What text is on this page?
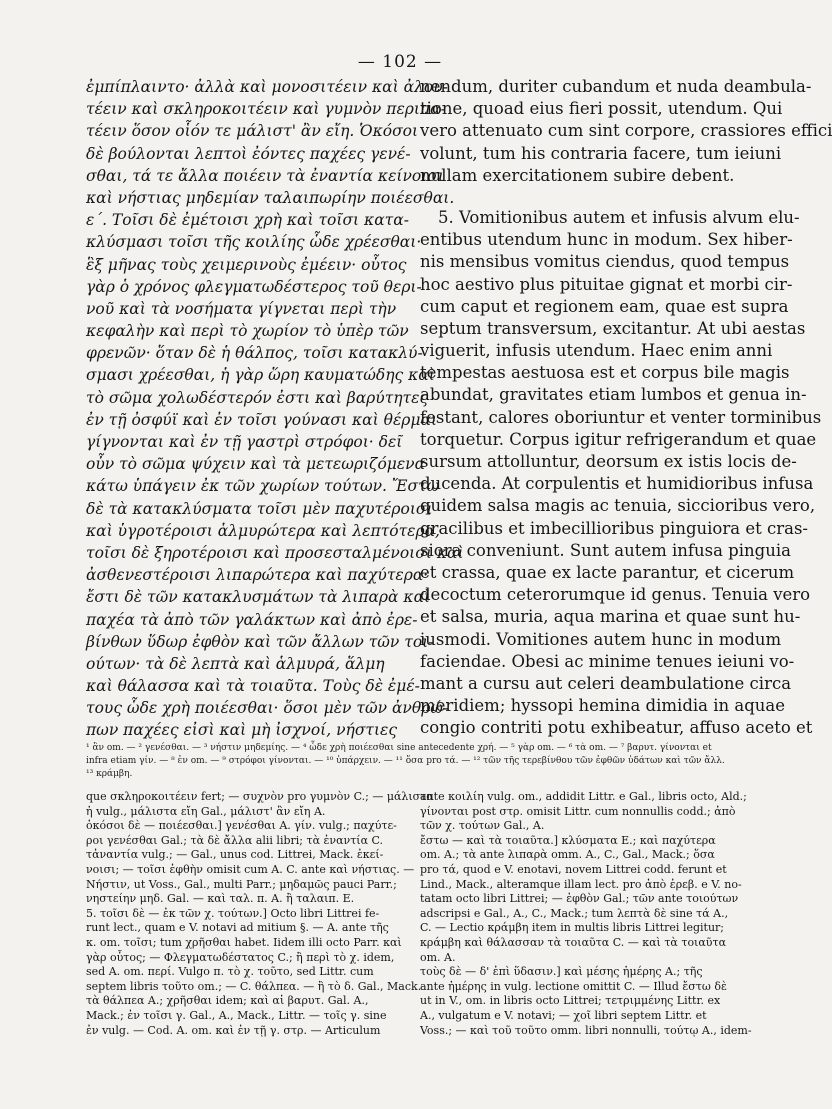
— 102 —
ἐμπίπλαιντο· ἀλλὰ καὶ μονοσιτέειν καὶ ἀλου-
τέειν καὶ σκληροκοιτέειν καὶ γυμνὸν περιπα-
τέειν ὅσον οἷόν τε μάλιστ' ἂν εἴη. Ὁκόσοι
δὲ βούλονται λεπτοὶ ἐόντες παχέες γενέ-
σθαι, τά τε ἄλλα ποιέειν τὰ ἐναντία κείνοισι
καὶ νήστιας μηδεμίαν ταλαιπωρίην ποιέεσθαι.
ε΄. Τοῖσι δὲ ἐμέτοισι χρὴ καὶ τοῖσι κατα-
κλύσμασι τοῖσι τῆς κοιλίης ὧδε χρέεσθαι·
ἓξ μῆνας τοὺς χειμερινοὺς ἐμέειν· οὗτος
γὰρ ὁ χρόνος φλεγματωδέστερος τοῦ θερι-
νοῦ καὶ τὰ νοσήματα γίγνεται περὶ τὴν
κεφαλὴν καὶ περὶ τὸ χωρίον τὸ ὑπὲρ τῶν
φρενῶν· ὅταν δὲ ἡ θάλπος, τοῖσι κατακλύ-
σμασι χρέεσθαι, ἡ γὰρ ὥρη καυματώδης καὶ
τὸ σῶμα χολωδέστερόν ἐστι καὶ βαρύτητες
ἐν τῇ ὀσφύϊ καὶ ἐν τοῖσι γούνασι καὶ θέρμαι
γίγνονται καὶ ἐν τῇ γαστρὶ στρόφοι· δεῖ
οὖν τὸ σῶμα ψύχειν καὶ τὰ μετεωριζόμενα
κάτω ὑπάγειν ἐκ τῶν χωρίων τούτων. Ἔστω
δὲ τὰ κατακλύσματα τοῖσι μὲν παχυτέροισι
καὶ ὑγροτέροισι ἁλμυρώτερα καὶ λεπτότερα,
τοῖσι δὲ ξηροτέροισι καὶ προσεσταλμένοισι καὶ
ἀσθενεστέροισι λιπαρώτερα καὶ παχύτερα·
ἔστι δὲ τῶν κατακλυσμάτων τὰ λιπαρὰ καὶ
παχέα τὰ ἀπὸ τῶν γαλάκτων καὶ ἀπὸ ἐρε-
βίνθων ὕδωρ ἐφθὸν καὶ τῶν ἄλλων τῶν τοι-
ούτων· τὰ δὲ λεπτὰ καὶ ἁλμυρά, ἅλμη
καὶ θάλασσα καὶ τὰ τοιαῦτα. Τοὺς δὲ ἐμέ-
τους ὧδε χρὴ ποιέεσθαι· ὅσοι μὲν τῶν ἀνθρώ-
πων παχέες εἰσὶ καὶ μὴ ἰσχνοί, νήστιες
nendum, duriter cubandum et nuda deambula-
tione, quoad eius fieri possit, utendum. Qui
vero attenuato cum sint corpore, crassiores effici
volunt, tum his contraria facere, tum ieiuni
nullam exercitationem subire debent.
5. Vomitionibus autem et infusis alvum elu-
entibus utendum hunc in modum. Sex hiber-
nis mensibus vomitus ciendus, quod tempus
hoc aestivo plus pituitae gignat et morbi cir-
cum caput et regionem eam, quae est supra
septum transversum, excitantur. At ubi aestas
viguerit, infusis utendum. Haec enim anni
tempestas aestuosa est et corpus bile magis
abundat, gravitates etiam lumbos et genua in-
festant, calores oboriuntur et venter torminibus
torquetur. Corpus igitur refrigerandum et quae
sursum attolluntur, deorsum ex istis locis de-
ducenda. At corpulentis et humidioribus infusa
quidem salsa magis ac tenuia, siccioribus vero,
gracilibus et imbecillioribus pinguiora et cras-
siora conveniunt. Sunt autem infusa pinguia
et crassa, quae ex lacte parantur, et cicerum
decoctum ceterorumque id genus. Tenuia vero
et salsa, muria, aqua marina et quae sunt hu-
iusmodi. Vomitiones autem hunc in modum
faciendae. Obesi ac minime tenues ieiuni vo-
mant a cursu aut celeri deambulatione circa
meridiem; hyssopi hemina dimidia in aquae
congio contriti potu exhibeatur, affuso aceto et
¹ ἂν om. — ² γενέσθαι. — ³ νήστιν μηδεμίης. — ⁴ ὧδε χρὴ ποιέεσθαι sine antecedente χρή. — ⁵ γὰρ om. — ⁶ τὰ om. — ⁷ βαρυτ. γίνονται et
infra etiam γίν. — ⁸ ἐν om. — ⁹ στρόφοι γίνονται. — ¹⁰ ὑπάρχειν. — ¹¹ ὅσα pro τά. — ¹² τῶν τῆς τερεβίνθου τῶν ἐφθῶν ὑδάτων καὶ τῶν ἄλλ.
¹³ κράμβη.
que σκληροκοιτέειν fert; — συχνὸν pro γυμνὸν C.; — μάλιστα
ἡ vulg., μάλιστα εἴη Gal., μάλιστ' ἂν εἴη A.
ὁκόσοι δὲ — ποιέεσθαι.] γενέσθαι A. γίν. vulg.; παχύτε-
ροι γενέσθαι Gal.; τὰ δὲ ἄλλα alii libri; τὰ ἐναντία C.
τἀναντία vulg.; — Gal., unus cod. Littrei, Mack. ἐκεί-
νοισι; — τοῖσι ἐφθὴν omisit cum A. C. ante καὶ νήστιας. —
Νήστιν, ut Voss., Gal., multi Parr.; μηδαμῶς pauci Parr.;
νηστείην μηδ. Gal. — καὶ ταλ. π. A. ἢ ταλαιπ. E.
5. τοῖσι δὲ — ἐκ τῶν χ. τούτων.] Octo libri Littrei fe-
runt lect., quam e V. notavi ad mitium §. — A. ante τῆς
κ. om. τοῖσι; tum χρῆσθαι habet. Iidem illi octo Parr. καὶ
γὰρ οὗτος; — Φλεγματωδέστατος C.; ἢ περὶ τὸ χ. idem,
sed A. om. περί. Vulgo π. τὸ χ. τοῦτο, sed Littr. cum
septem libris τοῦτο om.; — C. θάλπεα. — ἢ τὸ δ. Gal., Mack.
τὰ θάλπεα A.; χρῆσθαι idem; καὶ αἱ βαρυτ. Gal. A.,
Mack.; ἐν τοῖσι γ. Gal., A., Mack., Littr. — τοῖς γ. sine
ἐν vulg. — Cod. A. om. καὶ ἐν τῇ γ. στρ. — Articulum
ante κοιλίη vulg. om., addidit Littr. e Gal., libris octo, Ald.;
γίνονται post στρ. omisit Littr. cum nonnullis codd.; ἀπὸ
τῶν χ. τούτων Gal., A.
ἔστω — καὶ τὰ τοιαῦτα.] κλύσματα E.; καὶ παχύτερα
om. A.; τὰ ante λιπαρὰ omm. A., C., Gal., Mack.; ὅσα
pro τά, quod e V. enotavi, novem Littrei codd. ferunt et
Lind., Mack., alteramque illam lect. pro ἀπὸ ἐρεβ. e V. no-
tatam octo libri Littrei; — ἐφθὸν Gal.; τῶν ante τοιούτων
adscripsi e Gal., A., C., Mack.; tum λεπτὰ δὲ sine τά A.,
C. — Lectio κράμβη item in multis libris Littrei legitur;
κράμβη καὶ θάλασσαν τὰ τοιαῦτα C. — καὶ τὰ τοιαῦτα
om. A.
τοὺς δὲ — δ' ἐπὶ ὕδασιν.] καὶ μέσης ἡμέρης A.; τῆς
ante ἡμέρης in vulg. lectione omittit C. — Illud ἔστω δὲ
ut in V., om. in libris octo Littrei; τετριμμένης Littr. ex
A., vulgatum e V. notavi; — χοῖ libri septem Littr. et
Voss.; — καὶ τοῦ τοῦτο omm. libri nonnulli, τούτῳ A., idem-
